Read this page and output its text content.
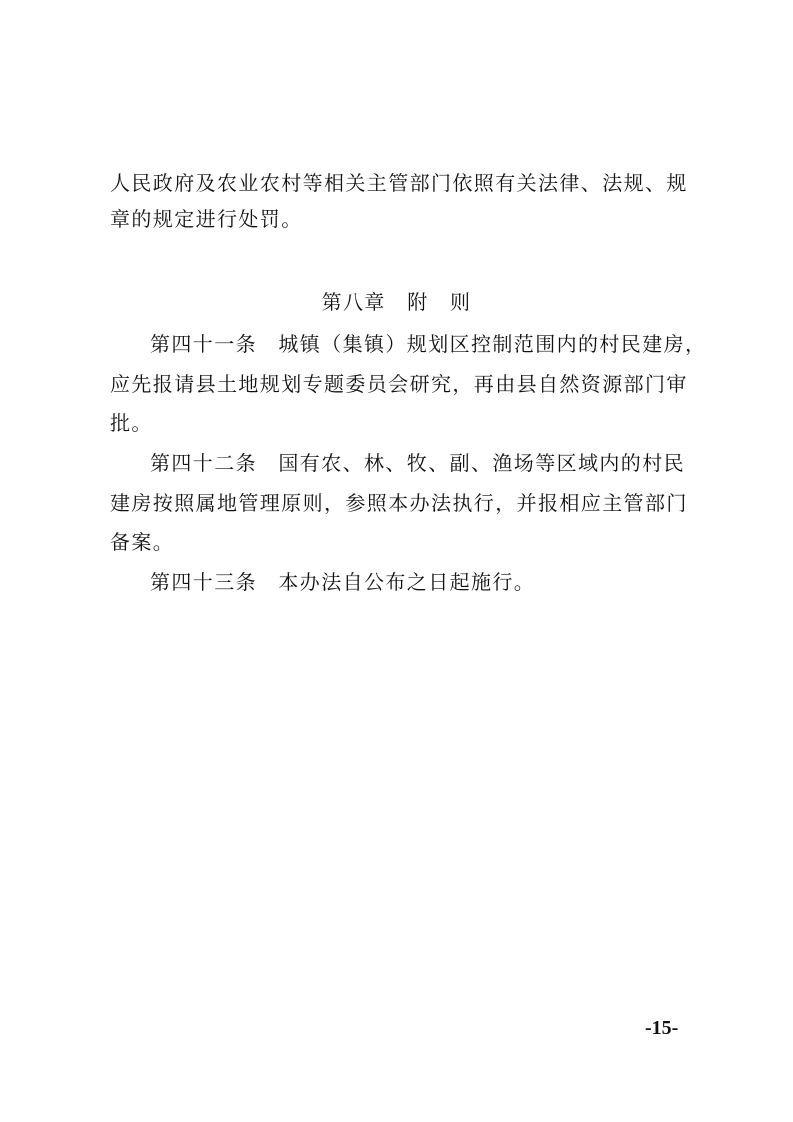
人民政府及农业农村等相关主管部门依照有关法律、法规、规
章的规定进行处罚。
第八章　附　则
第四十一条　城镇（集镇）规划区控制范围内的村民建房，
应先报请县土地规划专题委员会研究，再由县自然资源部门审
批。
第四十二条　国有农、林、牧、副、渔场等区域内的村民
建房按照属地管理原则，参照本办法执行，并报相应主管部门
备案。
第四十三条　本办法自公布之日起施行。
-15-
